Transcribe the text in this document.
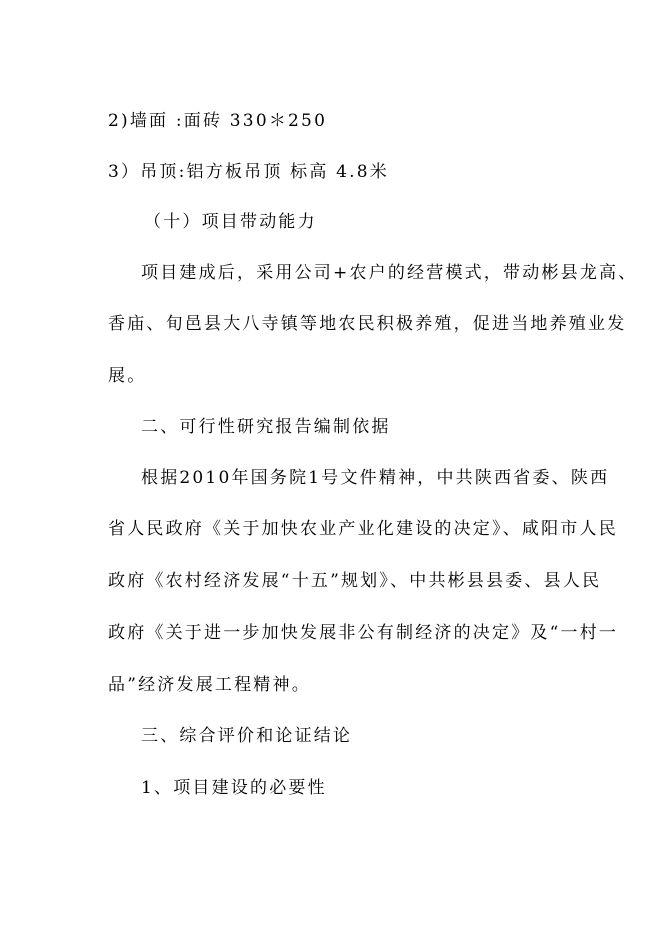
2)墙面 :面砖 330＊250
3）吊顶:铝方板吊顶 标高 4.8米
（十）项目带动能力
项目建成后，采用公司+农户的经营模式，带动彬县龙高、
香庙、旬邑县大八寺镇等地农民积极养殖，促进当地养殖业发
展。
二、可行性研究报告编制依据
根据2010年国务院1号文件精神，中共陕西省委、陕西
省人民政府《关于加快农业产业化建设的决定》、咸阳市人民
政府《农村经济发展“十五”规划》、中共彬县县委、县人民
政府《关于进一步加快发展非公有制经济的决定》及“一村一
品”经济发展工程精神。
三、综合评价和论证结论
1、项目建设的必要性
